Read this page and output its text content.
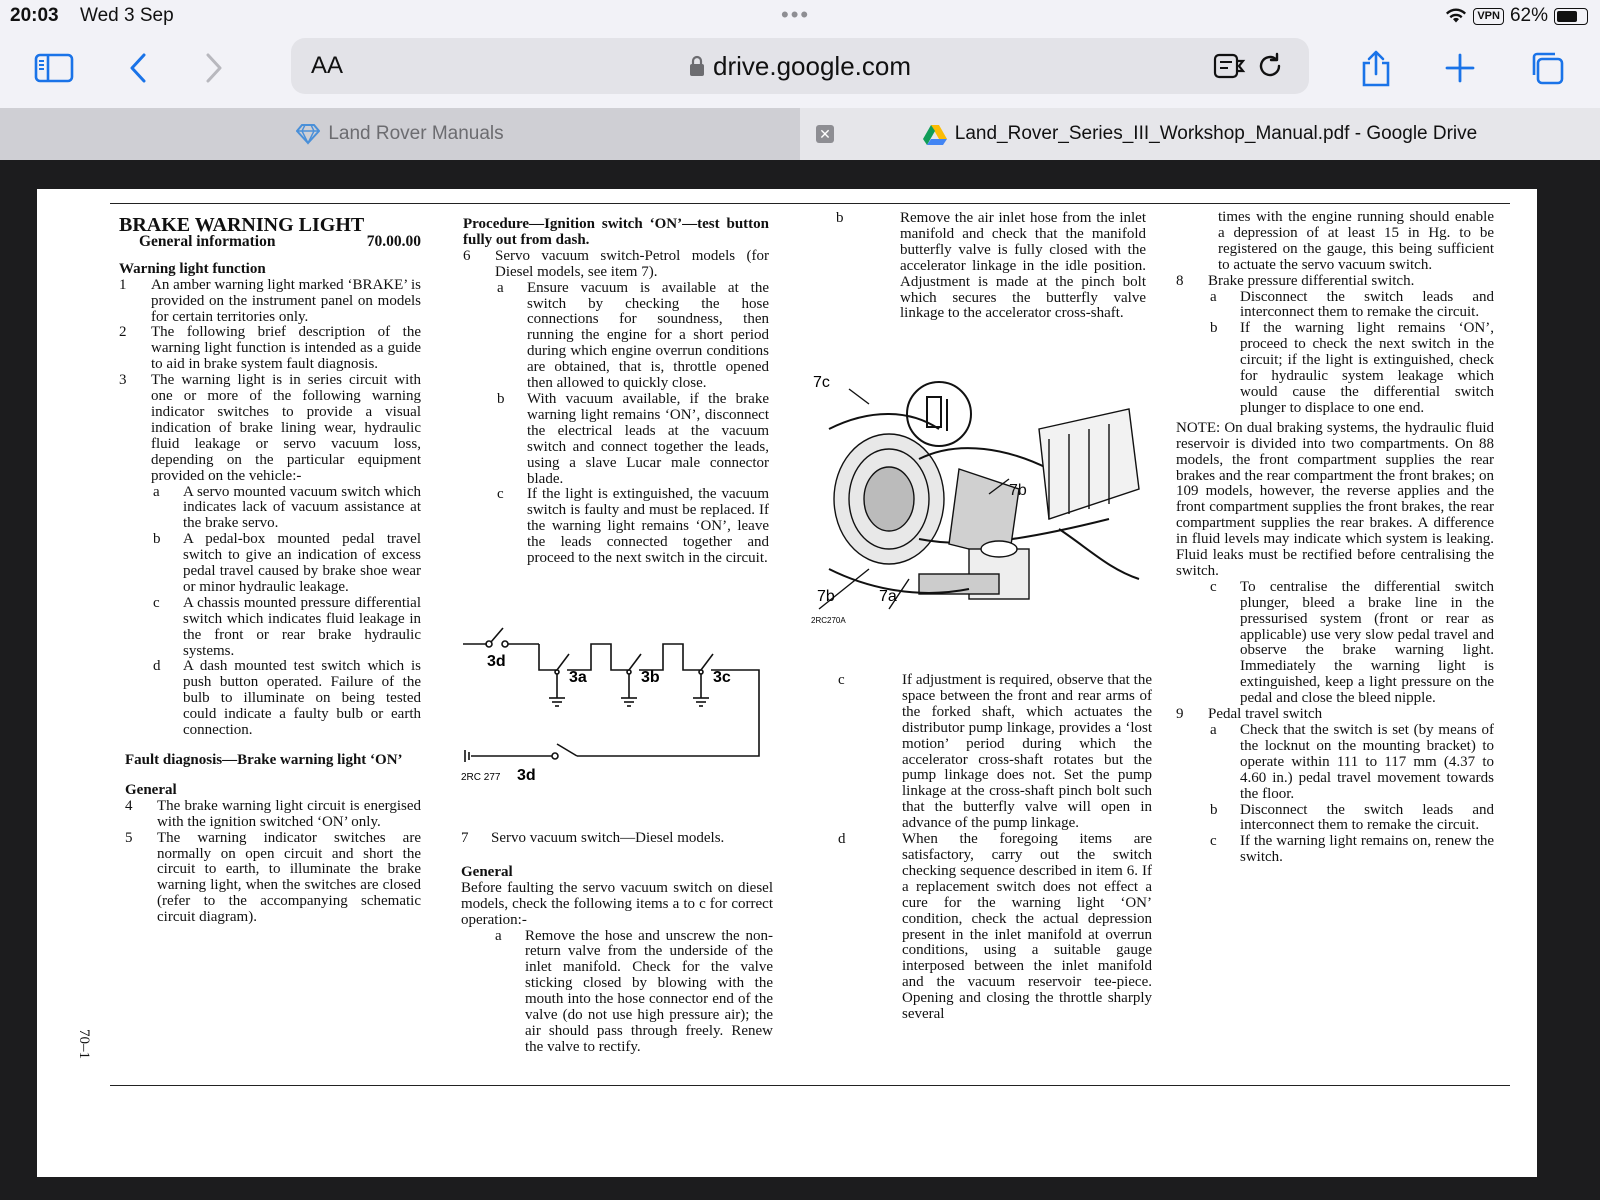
20:03 Wed 3 Sep	•••	VPN 62%
AA	drive.google.com
Land Rover Manuals	✕	Land_Rover_Series_III_Workshop_Manual.pdf - Google Drive

BRAKE WARNING LIGHT

General information	70.00.00

Warning light function

1 An amber warning light marked ‘BRAKE’ is provided on the instrument panel on models for certain territories only.
2 The following brief description of the warning light function is intended as a guide to aid in brake system fault diagnosis.
3 The warning light is in series circuit with one or more of the following warning indicator switches to provide a visual indication of brake lining wear, hydraulic fluid leakage or servo vacuum loss, depending on the particular equipment provided on the vehicle:-
a A servo mounted vacuum switch which indicates lack of vacuum assistance at the brake servo.
b A pedal-box mounted pedal travel switch to give an indication of excess pedal travel caused by brake shoe wear or minor hydraulic leakage.
c A chassis mounted pressure differential switch which indicates fluid leakage in the front or rear brake hydraulic systems.
d A dash mounted test switch which is push button operated. Failure of the bulb to illuminate on being tested could indicate a faulty bulb or earth connection.

Fault diagnosis—Brake warning light ‘ON’

General

4 The brake warning light circuit is energised with the ignition switched ‘ON’ only.
5 The warning indicator switches are normally on open circuit and short the circuit to earth, to illuminate the brake warning light, when the switches are closed (refer to the accompanying schematic circuit diagram).

Procedure—Ignition switch ‘ON’—test button fully out from dash.

6 Servo vacuum switch-Petrol models (for Diesel models, see item 7).
a Ensure vacuum is available at the switch by checking the hose connections for soundness, then running the engine for a short period during which engine overrun conditions are obtained, that is, throttle opened then allowed to quickly close.
b With vacuum available, if the brake warning light remains ‘ON’, disconnect the electrical leads at the vacuum switch and connect together the leads, using a slave Lucar male connector blade.
c If the light is extinguished, the vacuum switch is faulty and must be replaced. If the warning light remains ‘ON’, leave the leads connected together and proceed to the next switch in the circuit.
3d
3a	3b	3c
2RC 277 3d
7 Servo vacuum switch—Diesel models.

General

Before faulting the servo vacuum switch on diesel models, check the following items a to c for correct operation:-

a Remove the hose and unscrew the non-return valve from the underside of the inlet manifold. Check for the valve sticking closed by blowing with the mouth into the hose connector end of the valve (do not use high pressure air); the air should pass through freely. Renew the valve to rectify.
b	Remove the air inlet hose from the inlet manifold and check that the manifold butterfly valve is fully closed with the accelerator linkage in the idle position. Adjustment is made at the pinch bolt which secures the butterfly valve linkage to the accelerator cross-shaft.
7c
7b
7b	7a
2RC270A
c	If adjustment is required, observe that the space between the front and rear arms of the forked shaft, which actuates the distributor pump linkage, provides a ‘lost motion’ period during which the accelerator cross-shaft rotates but the pump linkage does not. Set the pump linkage at the cross-shaft pinch bolt such that the butterfly valve will open in advance of the pump linkage.
d	When the foregoing items are satisfactory, carry out the switch checking sequence described in item 6. If a replacement switch does not effect a cure for the warning light ‘ON’ condition, check the actual depression present in the inlet manifold at overrun conditions, using a suitable gauge interposed between the inlet manifold and the vacuum reservoir tee-piece. Opening and closing the throttle sharply several

times with the engine running should enable a depression of at least 15 in Hg. to be registered on the gauge, this being sufficient to actuate the servo vacuum switch.

8 Brake pressure differential switch.
a Disconnect the switch leads and interconnect them to remake the circuit.
b If the warning light remains ‘ON’, proceed to check the next switch in the circuit; if the light is extinguished, check for hydraulic system leakage which would cause the differential switch plunger to displace to one end.

NOTE: On dual braking systems, the hydraulic fluid reservoir is divided into two compartments. On 88 models, the front compartment supplies the rear brakes and the rear compartment the front brakes; on 109 models, however, the reverse applies and the front compartment supplies the front brakes, the rear compartment supplies the rear brakes. A difference in fluid levels may indicate which system is leaking. Fluid leaks must be rectified before centralising the switch.

c To centralise the differential switch plunger, bleed a brake line in the pressurised system (front or rear as applicable) use very slow pedal travel and observe the brake warning light. Immediately the warning light is extinguished, keep a light pressure on the pedal and close the bleed nipple.
9 Pedal travel switch
a Check that the switch is set (by means of the locknut on the mounting bracket) to operate within 111 to 117 mm (4.37 to 4.60 in.) pedal travel movement towards the floor.
b Disconnect the switch leads and interconnect them to remake the circuit.
c If the warning light remains on, renew the switch.
70–1
